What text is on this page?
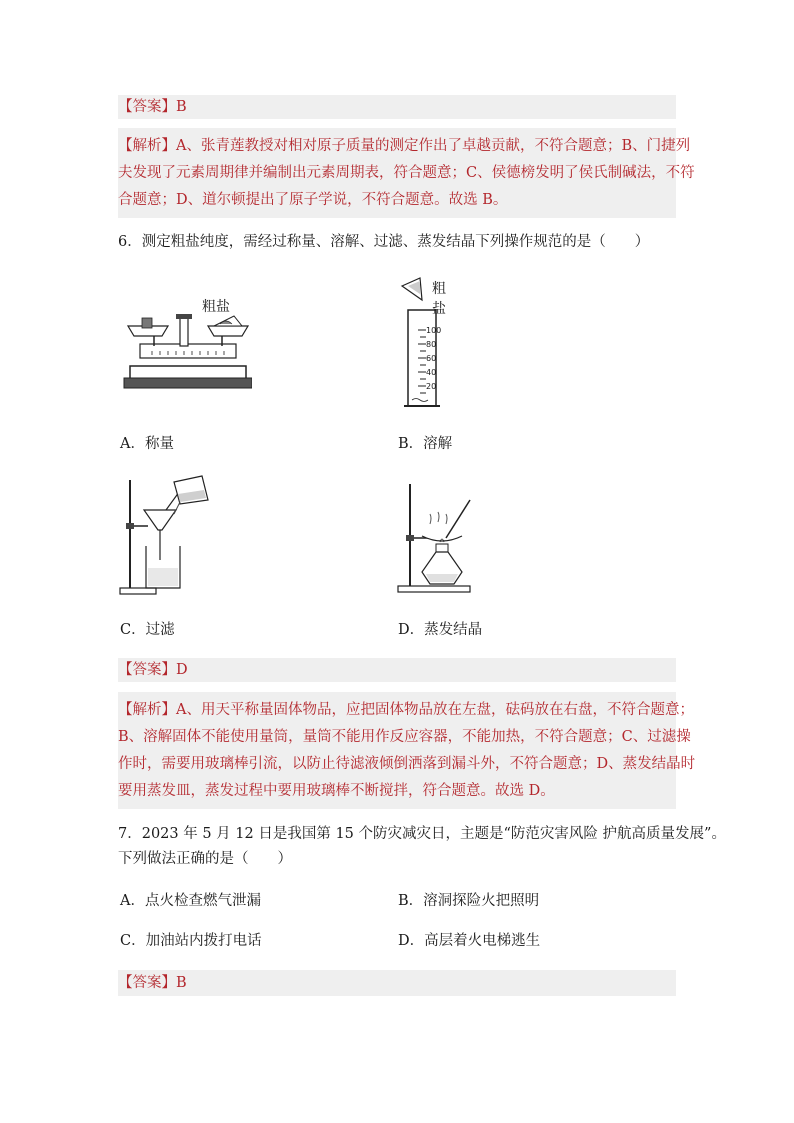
【答案】B
【解析】A、张青莲教授对相对原子质量的测定作出了卓越贡献，不符合题意；B、门捷列
夫发现了元素周期律并编制出元素周期表，符合题意；C、侯德榜发明了侯氏制碱法，不符
合题意；D、道尔顿提出了原子学说，不符合题意。故选 B。
6．测定粗盐纯度，需经过称量、溶解、过滤、蒸发结晶下列操作规范的是（　　）
粗盐
粗盐
100
80
60
40
20
A．称量	B．溶解
C．过滤	D．蒸发结晶
【答案】D
【解析】A、用天平称量固体物品，应把固体物品放在左盘，砝码放在右盘，不符合题意；
B、溶解固体不能使用量筒，量筒不能用作反应容器，不能加热，不符合题意；C、过滤操
作时，需要用玻璃棒引流，以防止待滤液倾倒洒落到漏斗外，不符合题意；D、蒸发结晶时
要用蒸发皿，蒸发过程中要用玻璃棒不断搅拌，符合题意。故选 D。
7．2023 年 5 月 12 日是我国第 15 个防灾减灾日，主题是“防范灾害风险 护航高质量发展”。
下列做法正确的是（　　）
A．点火检查燃气泄漏	B．溶洞探险火把照明
C．加油站内拨打电话	D．高层着火电梯逃生
【答案】B
